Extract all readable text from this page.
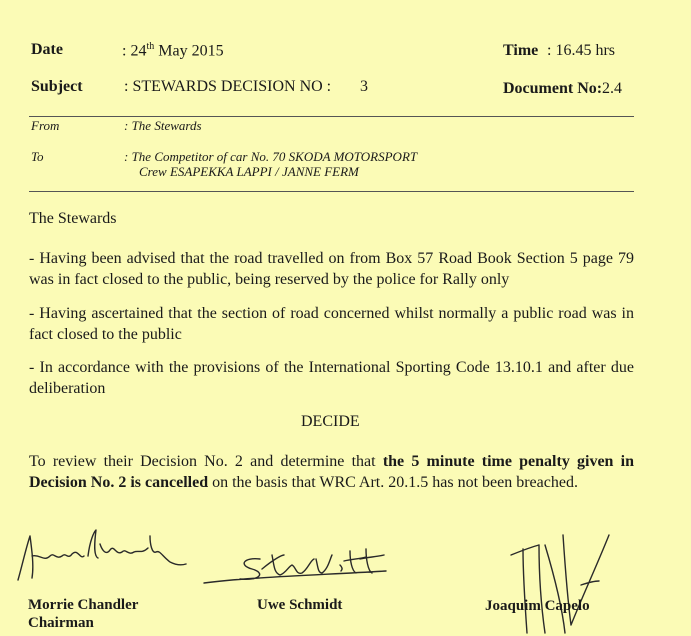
Date	: 24th May 2015	Time : 16.45 hrs
Subject	: STEWARDS DECISION NO : 3	Document No: 2.4
From	: The Stewards
To	: The Competitor of car No. 70 SKODA MOTORSPORT
Crew ESAPEKKA LAPPI / JANNE FERM
The Stewards
- Having been advised that the road travelled on from Box 57 Road Book Section 5 page 79 was in fact closed to the public, being reserved by the police for Rally only
- Having ascertained that the section of road concerned whilst normally a public road was in fact closed to the public
- In accordance with the provisions of the International Sporting Code 13.10.1 and after due deliberation
DECIDE
To review their Decision No. 2 and determine that the 5 minute time penalty given in Decision No. 2 is cancelled on the basis that WRC Art. 20.1.5 has not been breached.
Morrie Chandler
Chairman
Uwe Schmidt	Joaquim Capelo
